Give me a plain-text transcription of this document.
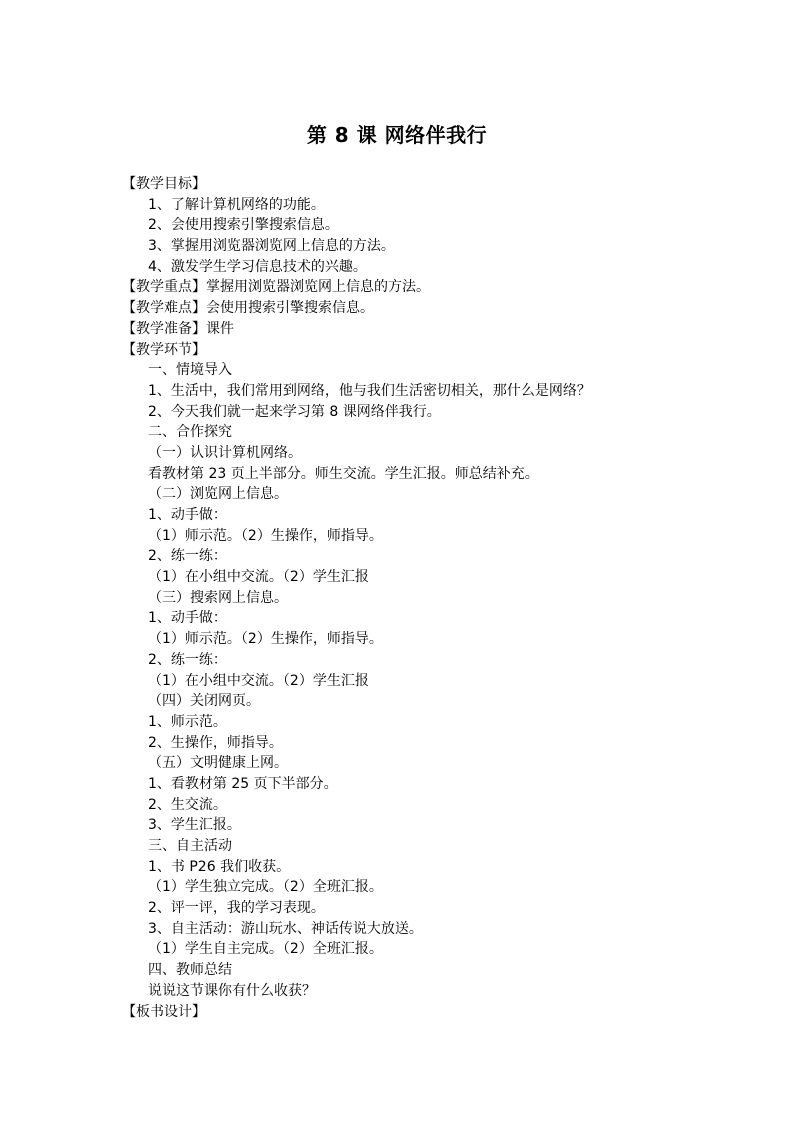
第 8 课 网络伴我行
【教学目标】
1、了解计算机网络的功能。
2、会使用搜索引擎搜索信息。
3、掌握用浏览器浏览网上信息的方法。
4、激发学生学习信息技术的兴趣。
【教学重点】掌握用浏览器浏览网上信息的方法。
【教学难点】会使用搜索引擎搜索信息。
【教学准备】课件
【教学环节】
一、情境导入
1、生活中，我们常用到网络，他与我们生活密切相关，那什么是网络？
2、今天我们就一起来学习第 8 课网络伴我行。
二、合作探究
（一）认识计算机网络。
看教材第 23 页上半部分。师生交流。学生汇报。师总结补充。
（二）浏览网上信息。
1、动手做：
（1）师示范。（2）生操作，师指导。
2、练一练：
（1）在小组中交流。（2）学生汇报
（三）搜索网上信息。
1、动手做：
（1）师示范。（2）生操作，师指导。
2、练一练：
（1）在小组中交流。（2）学生汇报
（四）关闭网页。
1、师示范。
2、生操作，师指导。
（五）文明健康上网。
1、看教材第 25 页下半部分。
2、生交流。
3、学生汇报。
三、自主活动
1、书 P26 我们收获。
（1）学生独立完成。（2）全班汇报。
2、评一评，我的学习表现。
3、自主活动：游山玩水、神话传说大放送。
（1）学生自主完成。（2）全班汇报。
四、教师总结
说说这节课你有什么收获？
【板书设计】
